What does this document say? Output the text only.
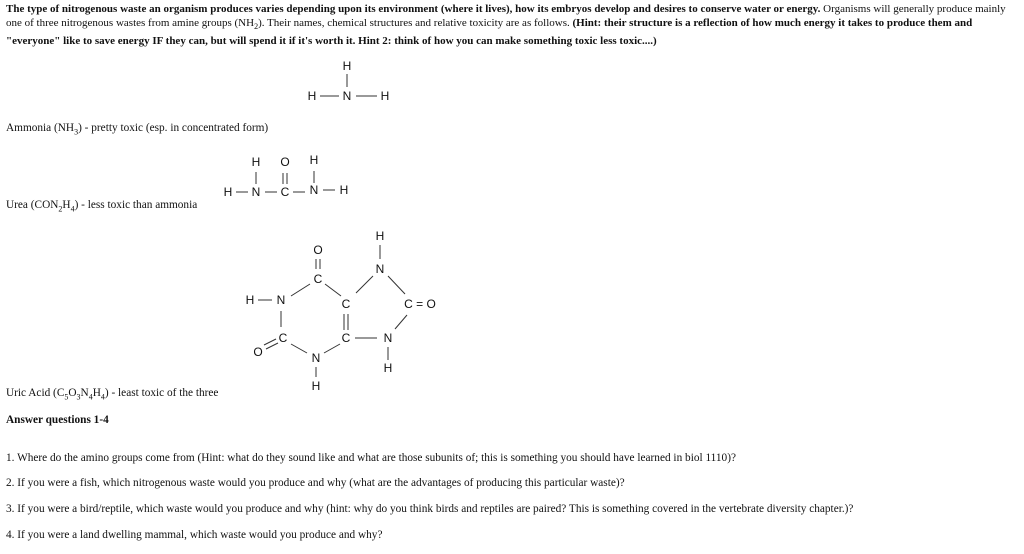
The type of nitrogenous waste an organism produces varies depending upon its environment (where it lives), how its embryos develop and desires to conserve water or energy. Organisms will generally produce mainly one of three nitrogenous wastes from amine groups $(NH_2)$. Their names, chemical structures and relative toxicity are as follows. (Hint: their structure is a reflection of how much energy it takes to produce them and "everyone" like to save energy IF they can, but will spend it if it's worth it. Hint 2: think of how you can make something toxic less toxic....)
H
H N H
H O H
H N C N H
H
N
O
C
H N	C	C = O
C	C	N
H
O	N
H
Ammonia $(NH_3)$ - pretty toxic (esp. in concentrated form)
Urea $(CON_2H_4)$ - less toxic than ammonia
Uric Acid $(C_5O_3N_4H_4)$ - least toxic of the three
Answer questions 1-4
1. Where do the amino groups come from (Hint: what do they sound like and what are those subunits of; this is something you should have learned in biol 1110)?
2. If you were a fish, which nitrogenous waste would you produce and why (what are the advantages of producing this particular waste)?
3. If you were a bird/reptile, which waste would you produce and why (hint: why do you think birds and reptiles are paired? This is something covered in the vertebrate diversity chapter.)?
4. If you were a land dwelling mammal, which waste would you produce and why?
